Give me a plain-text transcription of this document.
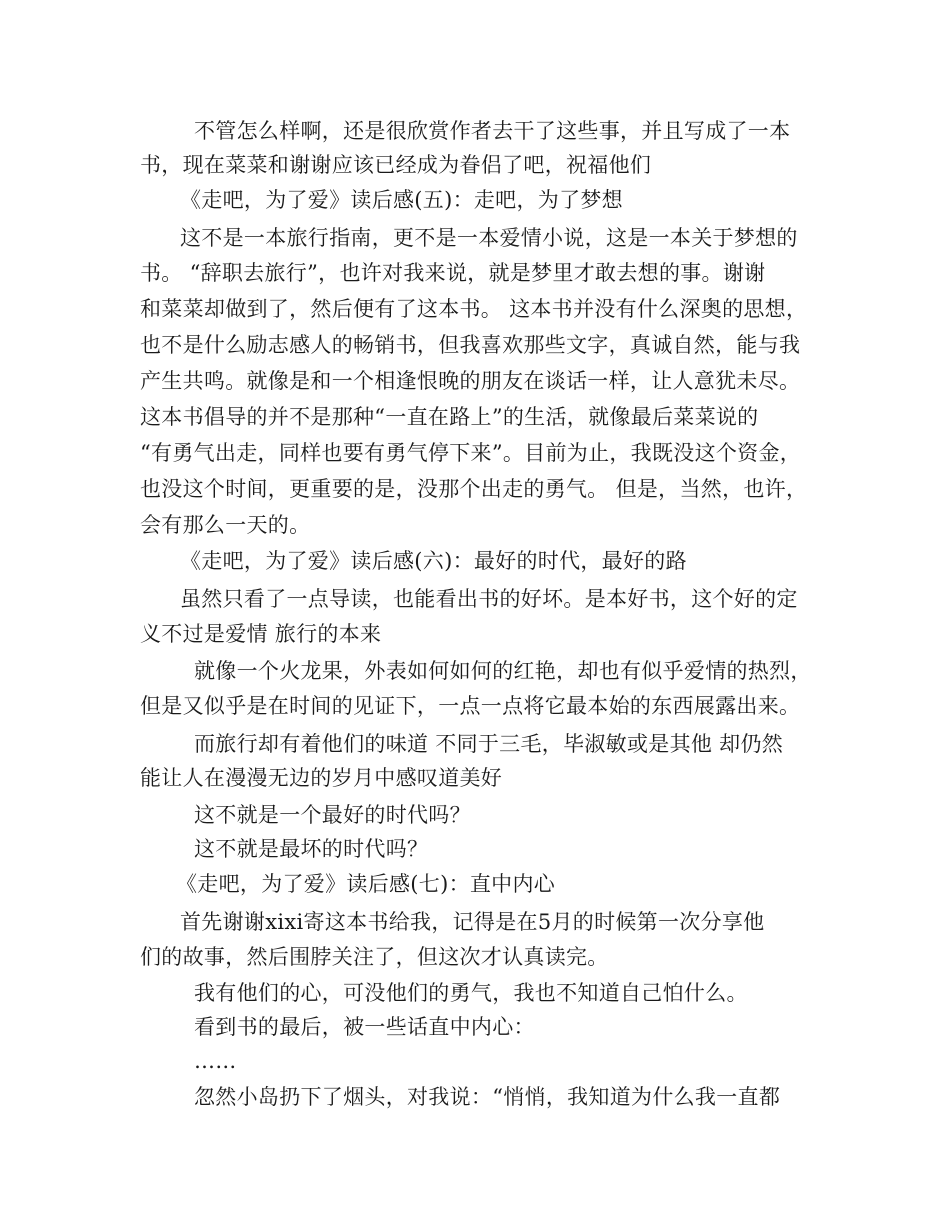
不管怎么样啊，还是很欣赏作者去干了这些事，并且写成了一本
书，现在菜菜和谢谢应该已经成为眷侣了吧，祝福他们
《走吧，为了爱》读后感(五)：走吧，为了梦想
这不是一本旅行指南，更不是一本爱情小说，这是一本关于梦想的
书。 “辞职去旅行”，也许对我来说，就是梦里才敢去想的事。谢谢
和菜菜却做到了，然后便有了这本书。 这本书并没有什么深奥的思想，
也不是什么励志感人的畅销书，但我喜欢那些文字，真诚自然，能与我
产生共鸣。就像是和一个相逢恨晚的朋友在谈话一样，让人意犹未尽。
这本书倡导的并不是那种“一直在路上”的生活，就像最后菜菜说的
“有勇气出走，同样也要有勇气停下来”。目前为止，我既没这个资金，
也没这个时间，更重要的是，没那个出走的勇气。 但是，当然，也许，
会有那么一天的。
《走吧，为了爱》读后感(六)：最好的时代，最好的路
虽然只看了一点导读，也能看出书的好坏。是本好书，这个好的定
义不过是爱情 旅行的本来
就像一个火龙果，外表如何如何的红艳，却也有似乎爱情的热烈，
但是又似乎是在时间的见证下，一点一点将它最本始的东西展露出来。
而旅行却有着他们的味道 不同于三毛，毕淑敏或是其他 却仍然
能让人在漫漫无边的岁月中感叹道美好
这不就是一个最好的时代吗？
这不就是最坏的时代吗？
《走吧，为了爱》读后感(七)：直中内心
首先谢谢xixi寄这本书给我，记得是在5月的时候第一次分享他
们的故事，然后围脖关注了，但这次才认真读完。
我有他们的心，可没他们的勇气，我也不知道自己怕什么。
看到书的最后，被一些话直中内心：
……
忽然小岛扔下了烟头，对我说：“悄悄，我知道为什么我一直都
